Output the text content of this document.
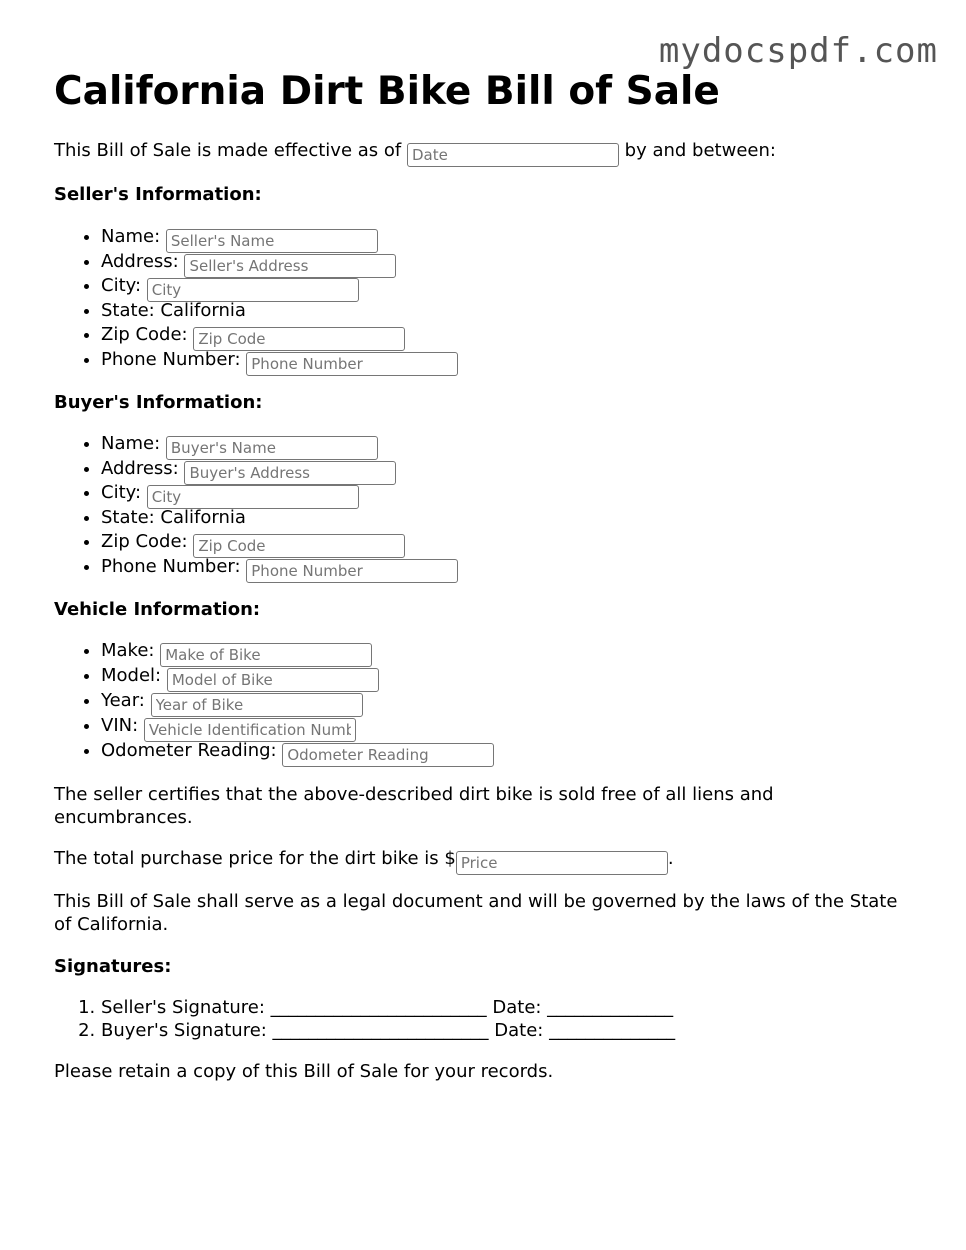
mydocspdf.com
California Dirt Bike Bill of Sale

This Bill of Sale is made effective as of Date	by and between:

Seller's Information:
• Name: Seller's Name
• Address: Seller's Address
• City: City
• State: California
• Zip Code: Zip Code
• Phone Number: Phone Number
Buyer's Information:
• Name: Buyer's Name
• Address: Buyer's Address
• City: City
• State: California
• Zip Code: Zip Code
• Phone Number: Phone Number
Vehicle Information:
• Make: Make of Bike
• Model: Model of Bike
• Year: Year of Bike
• VIN: Vehicle Identification Number
• Odometer Reading: Odometer Reading

The seller certifies that the above-described dirt bike is sold free of all liens and encumbrances.

The total purchase price for the dirt bike is $Price	.

This Bill of Sale shall serve as a legal document and will be governed by the laws of the State of California.

Signatures:
1. Seller's Signature: ________________________ Date: ______________
2. Buyer's Signature: ________________________ Date: ______________

Please retain a copy of this Bill of Sale for your records.
